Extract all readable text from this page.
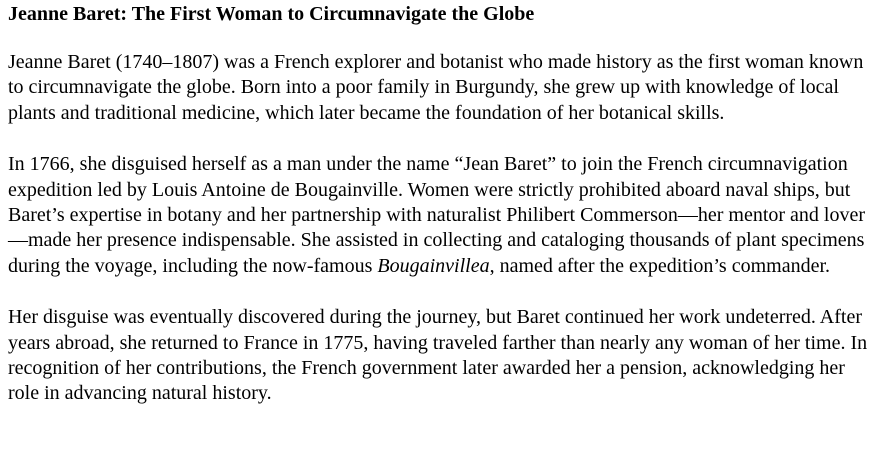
Jeanne Baret: The First Woman to Circumnavigate the Globe

Jeanne Baret (1740–1807) was a French explorer and botanist who made history as the first woman known to circumnavigate the globe. Born into a poor family in Burgundy, she grew up with knowledge of local plants and traditional medicine, which later became the foundation of her botanical skills.

In 1766, she disguised herself as a man under the name “Jean Baret” to join the French circumnavigation expedition led by Louis Antoine de Bougainville. Women were strictly prohibited aboard naval ships, but Baret’s expertise in botany and her partnership with naturalist Philibert Commerson—her mentor and lover—made her presence indispensable. She assisted in collecting and cataloging thousands of plant specimens during the voyage, including the now-famous Bougainvillea, named after the expedition’s commander.

Her disguise was eventually discovered during the journey, but Baret continued her work undeterred. After years abroad, she returned to France in 1775, having traveled farther than nearly any woman of her time. In recognition of her contributions, the French government later awarded her a pension, acknowledging her role in advancing natural history.
